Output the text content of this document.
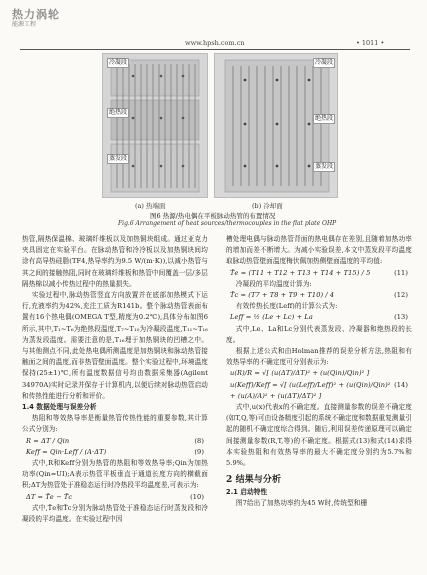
热力涡轮
能源工程
www.hpsh.com.cn	• 1011 •
冷凝段
绝热段
蒸发段
冷凝段
绝热段
蒸发段
(a) 热端面	(b) 冷却面
图6 热源/热电偶在平板脉动热管的布置情况
Fig.6 Arrangement of heat sources/thermocouples in the flat plate OHP

热管,隔热保温棉、玻璃纤维板以及加热铜块组成。通过亚克力夹具固定在实验平台。在脉动热管和冷冷板以及加热铜块间均涂有高导热硅脂(TF4,热导率约为9.5 W/(m·K)),以减小热管与其之间的接触热阻,同时在玻璃纤维板和热管中间覆盖一层/多层隔热棉以减小传热过程中的热量损失。

实验过程中,脉动热管竖直方向放置并在底部加热模式下运行,充液率约为42%,充注工质为R141b。整个脉动热管表面布置有16个热电偶(OMEGA T型,精度为0.2℃),具体分布如图6所示,其中,T₁~T₆为绝热段温度,T₇~T₁₀为冷凝段温度,T₁₁~T₁₆为蒸发段温度。需要注意的是,T₁₆埋于加热铜块的凹槽之中。与其他测点不同,此处热电偶所测温度是加热铜块和脉动热管接触面之间的温度,而非热管壁面温度。整个实验过程中,环境温度保持(25±1)℃,所有温度数据信号均由数据采集器(Agilent 34970A)实时记录并保存于计算机内,以便后续对脉动热管启动和传热性能进行分析和评价。

1.4 数据处理与误差分析

热阻和等效热导率是衡量热管传热性能的重要参数,其计算公式分别为:

R = ΔT / Qin	(8)
Keff = Qin·Leff / (A·ΔT)	(9)

式中,R和Keff分别为热管的热阻和等效热导率;Qin为加热功率(Qin=UI);A表示热管平板垂直于通道长度方向的横截面积;ΔT为热管处于准稳态运行时冷热段平均温度差,可表示为:

ΔT = T̄e − T̄c	(10)

式中,T̄e和T̄c分别为脉动热管处于准稳态运行时蒸发段和冷凝段的平均温度。在实验过程中因

槽处理电偶与脉动热管背面的热电偶存在差别,且随着加热功率的增加而差不断增大。为减小实验误差,本文中蒸发段平均温度取脉动热管壁面温度梅伏佩加热侧壁面温度的平均值:

T̄e = (T11 + T12 + T13 + T14 + T15) / 5	(11)

冷凝段的平均温度计算为:

T̄c = (T7 + T8 + T9 + T10) / 4	(12)

有效传热长度(Leff)的计算公式为:

Leff = ½ (Le + Lc) + La	(13)

式中,Le、La和Lc分别代表蒸发段、冷凝器和绝热段的长度。

根据上述公式和由Holman推荐的误差分析方法,热阻和有效热导率的不确定度可分别表示为:

u(R)/R = √[ (u(ΔT)/ΔT)² + (u(Qin)/Qin)² ]
u(Keff)/Keff = √[ (u(Leff)/Leff)² + (u(Qin)/Qin)² + (u(A)/A)² + (u(ΔT)/ΔT)² ]
(14)

式中,u(x)代表x的不确定度。直接测量参数的误差不确定度(如T,Q,等)可由设备精度引起的系统不确定度和数据重复测量引起的随机不确定度综合得到。随后,利用误差传递原理可以确定间接测量参数(R,T,等)的不确定度。根据式(13)和式(14)求得本实验热阻和有效热导率的最大不确定度分别约为5.7%和5.9%。

2 结果与分析
2.1 启动特性

图7给出了加热功率约为45 W时,传统型和栅
